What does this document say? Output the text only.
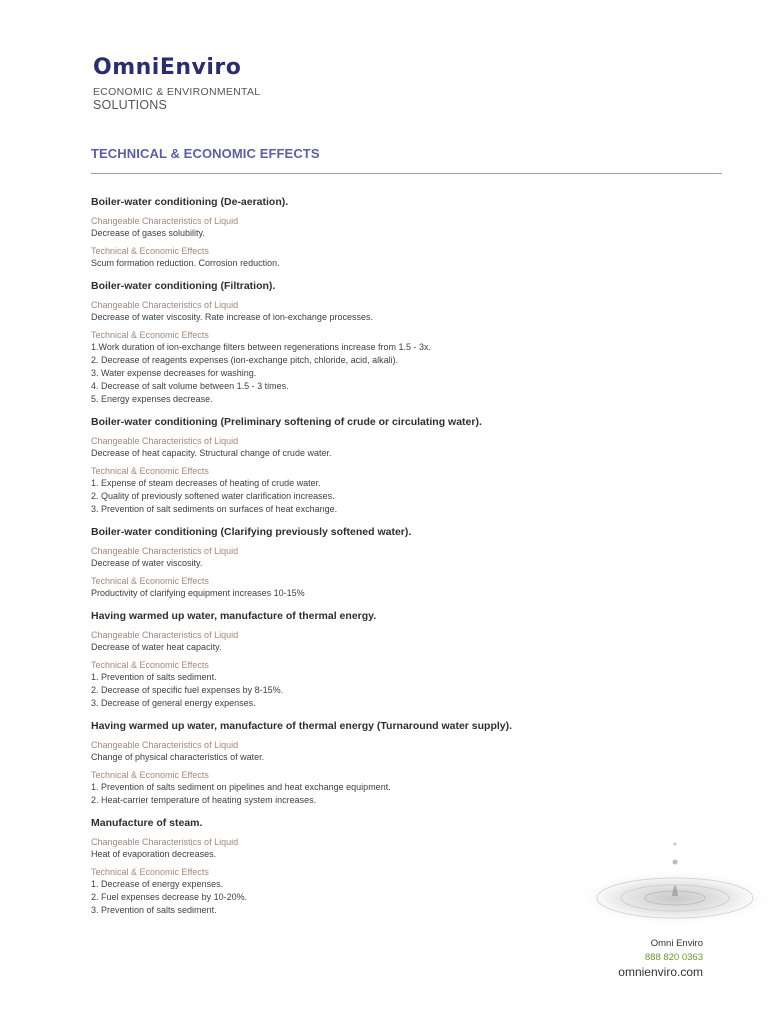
OmniEnviro
ECONOMIC & ENVIRONMENTAL
SOLUTIONS
TECHNICAL & ECONOMIC EFFECTS
Boiler-water conditioning (De-aeration).
Changeable Characteristics of Liquid
Decrease of gases solubility.
Technical & Economic Effects
Scum formation reduction. Corrosion reduction.
Boiler-water conditioning (Filtration).
Changeable Characteristics of Liquid
Decrease of water viscosity. Rate increase of ion-exchange processes.
Technical & Economic Effects
1.Work duration of ion-exchange filters between regenerations increase from 1.5 - 3x.
2. Decrease of reagents expenses (ion-exchange pitch, chloride, acid, alkali).
3. Water expense decreases for washing.
4. Decrease of salt volume between 1.5 - 3 times.
5. Energy expenses decrease.
Boiler-water conditioning (Preliminary softening of crude or circulating water).
Changeable Characteristics of Liquid
Decrease of heat capacity. Structural change of crude water.
Technical & Economic Effects
1. Expense of steam decreases of heating of crude water.
2. Quality of previously softened water clarification increases.
3. Prevention of salt sediments on surfaces of heat exchange.
Boiler-water conditioning (Clarifying previously softened water).
Changeable Characteristics of Liquid
Decrease of water viscosity.
Technical & Economic Effects
Productivity of clarifying equipment increases 10-15%
Having warmed up water, manufacture of thermal energy.
Changeable Characteristics of Liquid
Decrease of water heat capacity.
Technical & Economic Effects
1. Prevention of salts sediment.
2. Decrease of specific fuel expenses by 8-15%.
3. Decrease of general energy expenses.
Having warmed up water, manufacture of thermal energy (Turnaround water supply).
Changeable Characteristics of Liquid
Change of physical characteristics of water.
Technical & Economic Effects
1. Prevention of salts sediment on pipelines and heat exchange equipment.
2. Heat-carrier temperature of heating system increases.
Manufacture of steam.
Changeable Characteristics of Liquid
Heat of evaporation decreases.
Technical & Economic Effects
1. Decrease of energy expenses.
2. Fuel expenses decrease by 10-20%.
3. Prevention of salts sediment.
Omni Enviro
888 820 0363
omnienviro.com
